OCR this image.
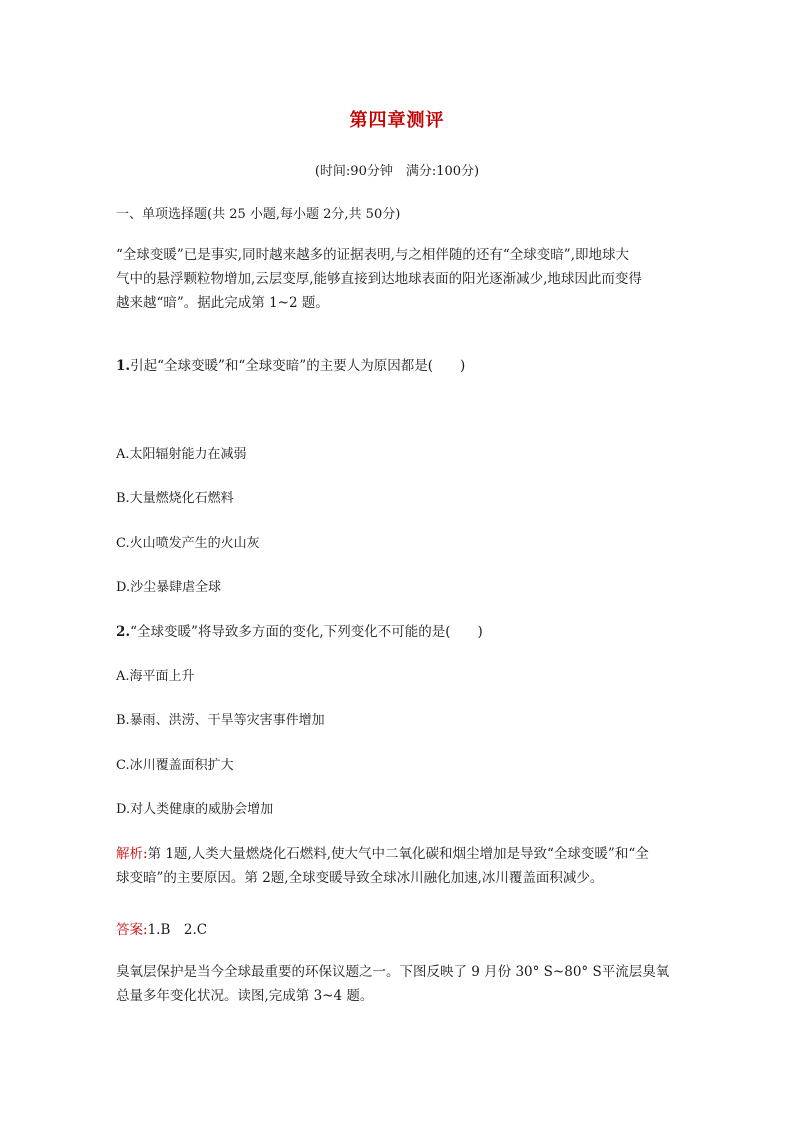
第四章测评
(时间:90分钟　满分:100分)
一、单项选择题(共 25 小题,每小题 2分,共 50分)
“全球变暖”已是事实,同时越来越多的证据表明,与之相伴随的还有“全球变暗”,即地球大
气中的悬浮颗粒物增加,云层变厚,能够直接到达地球表面的阳光逐渐减少,地球因此而变得
越来越“暗”。据此完成第 1~2 题。
1.引起“全球变暖”和“全球变暗”的主要人为原因都是(　　)
A.太阳辐射能力在减弱
B.大量燃烧化石燃料
C.火山喷发产生的火山灰
D.沙尘暴肆虐全球
2.“全球变暖”将导致多方面的变化,下列变化不可能的是(　　)
A.海平面上升
B.暴雨、洪涝、干旱等灾害事件增加
C.冰川覆盖面积扩大
D.对人类健康的威胁会增加
解析:第 1题,人类大量燃烧化石燃料,使大气中二氧化碳和烟尘增加是导致“全球变暖”和“全
球变暗”的主要原因。第 2题,全球变暖导致全球冰川融化加速,冰川覆盖面积减少。
答案:1.B　2.C
臭氧层保护是当今全球最重要的环保议题之一。下图反映了 9 月份 30° S~80° S平流层臭氧
总量多年变化状况。读图,完成第 3~4 题。
